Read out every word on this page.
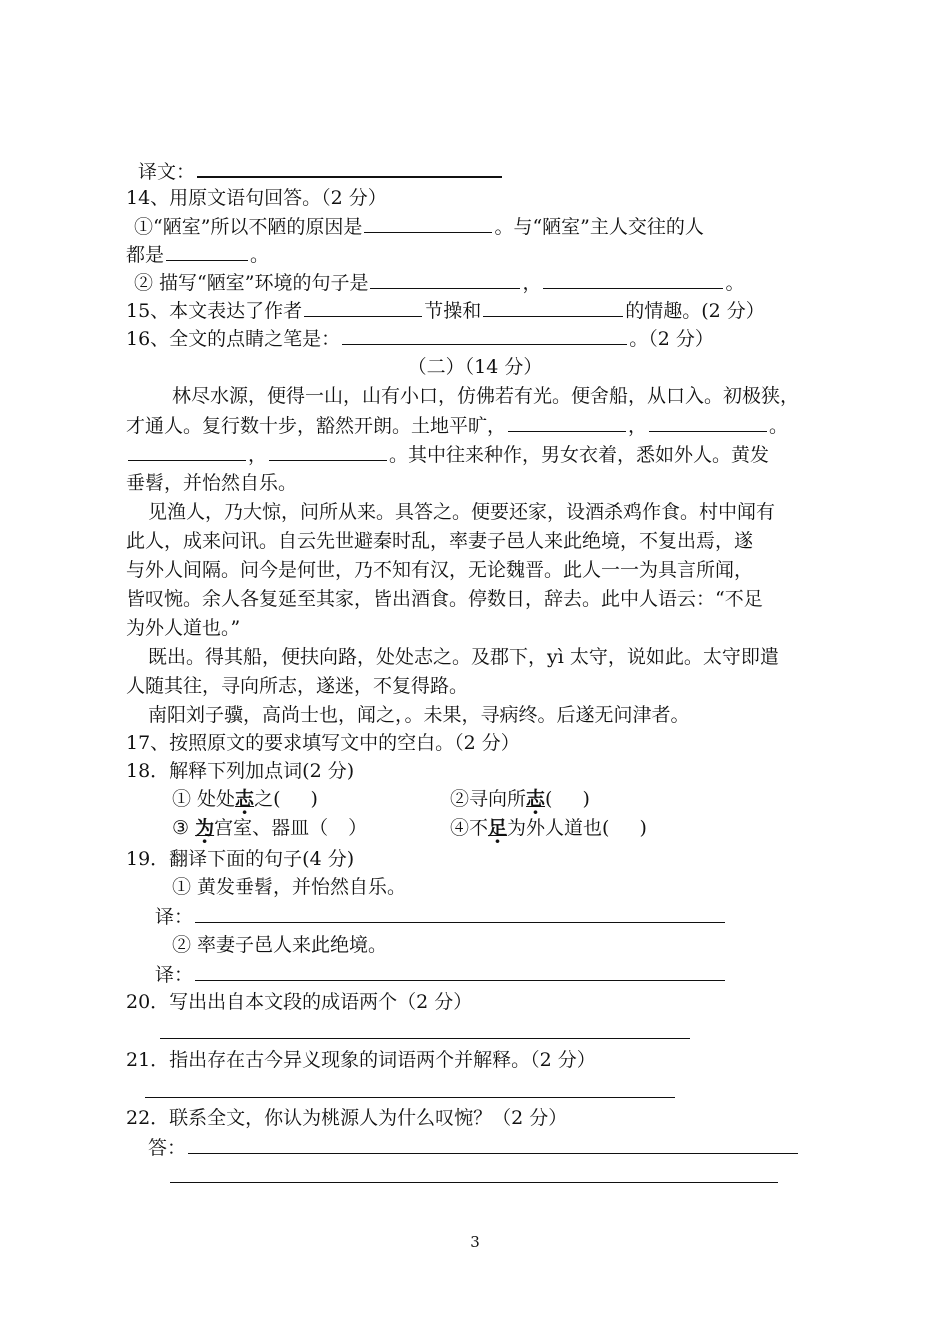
译文：
14、用原文语句回答。（2 分）
①“陋室”所以不陋的原因是	。与“陋室”主人交往的人
都是	。
② 描写“陋室”环境的句子是	，	。
15、本文表达了作者	节操和	的情趣。(2 分）
16、全文的点睛之笔是：	。（2 分）
（二）（14 分）
林尽水源，便得一山，山有小口，仿佛若有光。便舍船，从口入。初极狭，
才通人。复行数十步，豁然开朗。土地平旷，	，	。
，	。其中往来种作，男女衣着，悉如外人。黄发
垂髫，并怡然自乐。
见渔人，乃大惊，问所从来。具答之。便要还家，设酒杀鸡作食。村中闻有
此人，成来问讯。自云先世避秦时乱，率妻子邑人来此绝境，不复出焉，遂
与外人间隔。问今是何世，乃不知有汉，无论魏晋。此人一一为具言所闻，
皆叹惋。余人各复延至其家，皆出酒食。停数日，辞去。此中人语云：“不足
为外人道也。”
既出。得其船，便扶向路，处处志之。及郡下，yì 太守，说如此。太守即遣
人随其往，寻向所志，遂迷，不复得路。
南阳刘子骥，高尚士也，闻之，。未果，寻病终。后遂无问津者。
17、按照原文的要求填写文中的空白。（2 分）
18．解释下列加点词(2 分)
① 处处志之( )	②寻向所志( )
③ 为宫室、器皿（ ）	④不足为外人道也( )
19．翻译下面的句子(4 分)
① 黄发垂髫，并怡然自乐。
译：
② 率妻子邑人来此绝境。
译：
20．写出出自本文段的成语两个（2 分）
21．指出存在古今异义现象的词语两个并解释。（2 分）
22．联系全文，你认为桃源人为什么叹惋？（2 分）
答：
3
